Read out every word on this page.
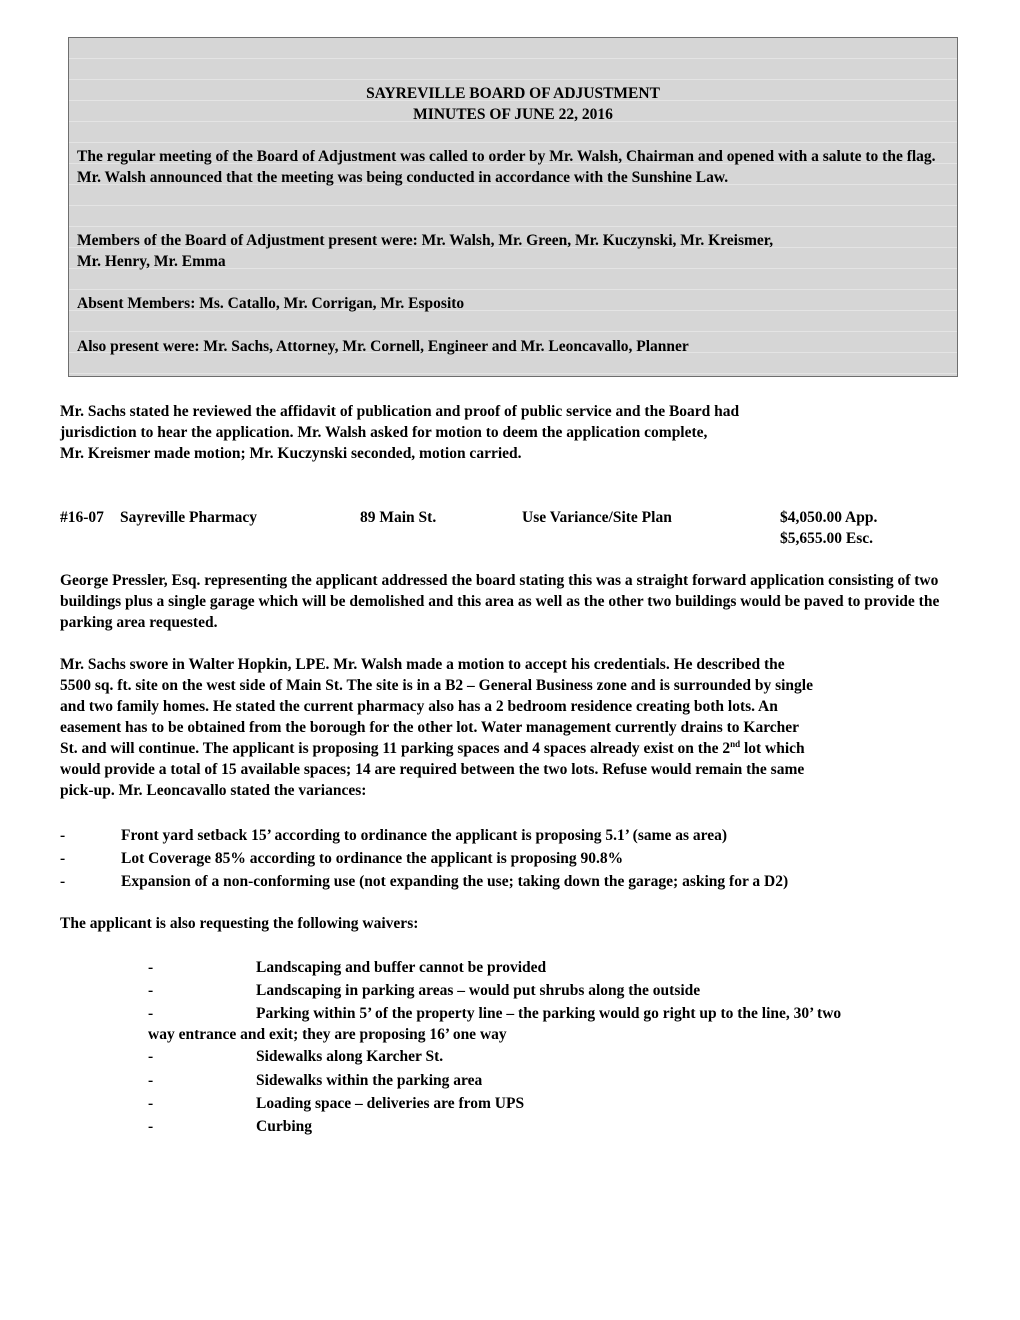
SAYREVILLE BOARD OF ADJUSTMENT
MINUTES OF JUNE 22, 2016
The regular meeting of the Board of Adjustment was called to order by Mr. Walsh, Chairman and opened with a salute to the flag. Mr. Walsh announced that the meeting was being conducted in accordance with the Sunshine Law.
Members of the Board of Adjustment present were: Mr. Walsh, Mr. Green, Mr. Kuczynski, Mr. Kreismer,
Mr. Henry, Mr. Emma
Absent Members: Ms. Catallo, Mr. Corrigan, Mr. Esposito
Also present were: Mr. Sachs, Attorney, Mr. Cornell, Engineer and Mr. Leoncavallo, Planner
Mr. Sachs stated he reviewed the affidavit of publication and proof of public service and the Board had
jurisdiction to hear the application. Mr. Walsh asked for motion to deem the application complete,
Mr. Kreismer made motion; Mr. Kuczynski seconded, motion carried.
#16-07 Sayreville Pharmacy	89 Main St.	Use Variance/Site Plan	$4,050.00 App.
$5,655.00 Esc.
George Pressler, Esq. representing the applicant addressed the board stating this was a straight forward application consisting of two buildings plus a single garage which will be demolished and this area as well as the other two buildings would be paved to provide the parking area requested.
Mr. Sachs swore in Walter Hopkin, LPE. Mr. Walsh made a motion to accept his credentials. He described the
5500 sq. ft. site on the west side of Main St. The site is in a B2 – General Business zone and is surrounded by single
and two family homes. He stated the current pharmacy also has a 2 bedroom residence creating both lots. An
easement has to be obtained from the borough for the other lot. Water management currently drains to Karcher
St. and will continue. The applicant is proposing 11 parking spaces and 4 spaces already exist on the 2nd lot which
would provide a total of 15 available spaces; 14 are required between the two lots. Refuse would remain the same
pick-up. Mr. Leoncavallo stated the variances:
-	Front yard setback 15’ according to ordinance the applicant is proposing 5.1’ (same as area)
-	Lot Coverage 85% according to ordinance the applicant is proposing 90.8%
-	Expansion of a non-conforming use (not expanding the use; taking down the garage; asking for a D2)
The applicant is also requesting the following waivers:
-	Landscaping and buffer cannot be provided
-	Landscaping in parking areas – would put shrubs along the outside
-	Parking within 5’ of the property line – the parking would go right up to the line, 30’ two
way entrance and exit; they are proposing 16’ one way
-	Sidewalks along Karcher St.
-	Sidewalks within the parking area
-	Loading space – deliveries are from UPS
-	Curbing
